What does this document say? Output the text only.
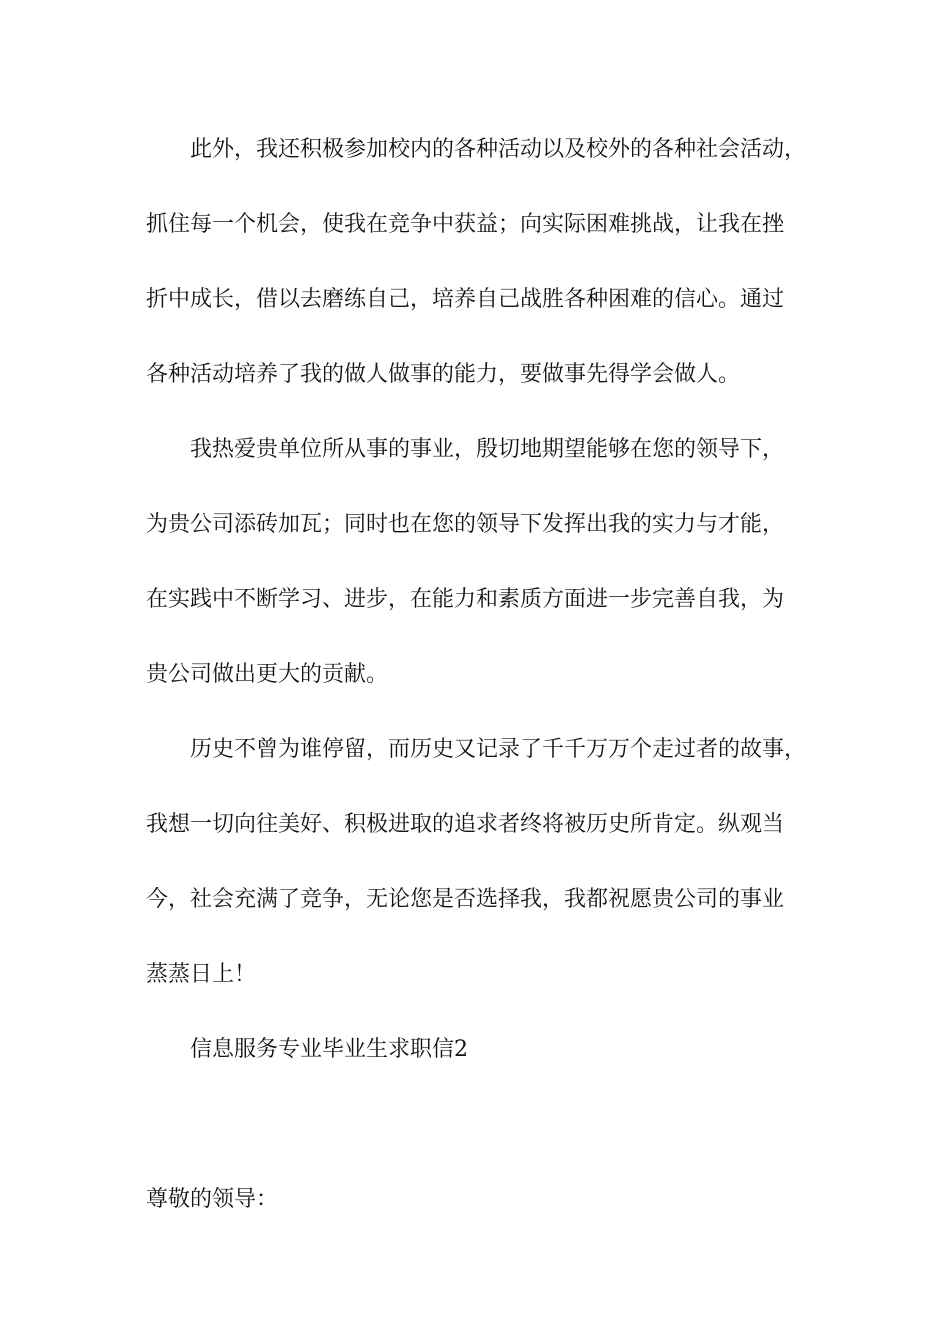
此外，我还积极参加校内的各种活动以及校外的各种社会活动，
抓住每一个机会，使我在竞争中获益；向实际困难挑战，让我在挫
折中成长，借以去磨练自己，培养自己战胜各种困难的信心。通过
各种活动培养了我的做人做事的能力，要做事先得学会做人。
我热爱贵单位所从事的事业，殷切地期望能够在您的领导下，
为贵公司添砖加瓦；同时也在您的领导下发挥出我的实力与才能，
在实践中不断学习、进步，在能力和素质方面进一步完善自我，为
贵公司做出更大的贡献。
历史不曾为谁停留，而历史又记录了千千万万个走过者的故事，
我想一切向往美好、积极进取的追求者终将被历史所肯定。纵观当
今，社会充满了竞争，无论您是否选择我，我都祝愿贵公司的事业
蒸蒸日上！
信息服务专业毕业生求职信2
尊敬的领导：
